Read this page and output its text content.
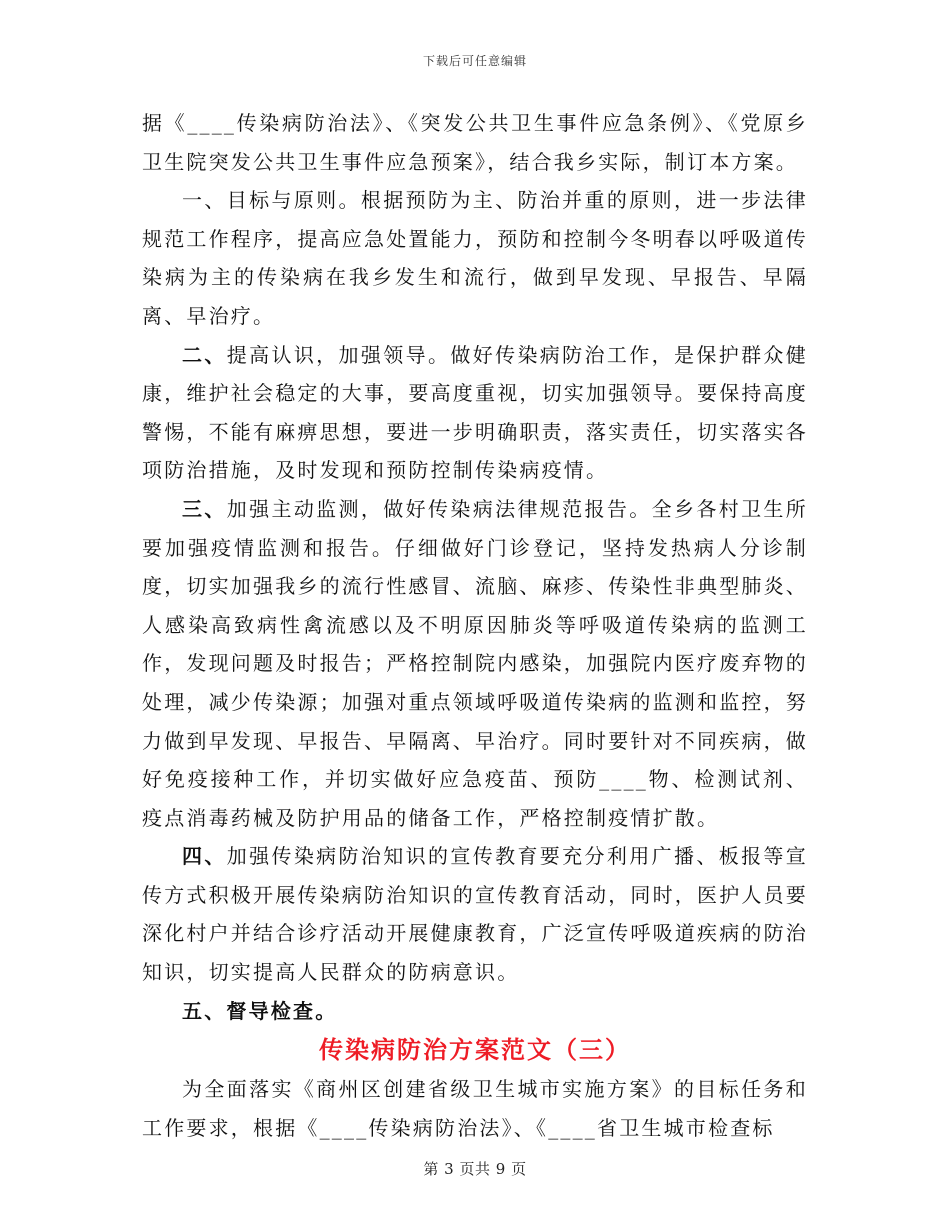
下载后可任意编辑

据《____传染病防治法》、《突发公共卫生事件应急条例》、《党原乡卫生院突发公共卫生事件应急预案》，结合我乡实际，制订本方案。

一、目标与原则。根据预防为主、防治并重的原则，进一步法律规范工作程序，提高应急处置能力，预防和控制今冬明春以呼吸道传染病为主的传染病在我乡发生和流行，做到早发现、早报告、早隔离、早治疗。

二、提高认识，加强领导。做好传染病防治工作，是保护群众健康，维护社会稳定的大事，要高度重视，切实加强领导。要保持高度警惕，不能有麻痹思想，要进一步明确职责，落实责任，切实落实各项防治措施，及时发现和预防控制传染病疫情。

三、加强主动监测，做好传染病法律规范报告。全乡各村卫生所要加强疫情监测和报告。仔细做好门诊登记，坚持发热病人分诊制度，切实加强我乡的流行性感冒、流脑、麻疹、传染性非典型肺炎、人感染高致病性禽流感以及不明原因肺炎等呼吸道传染病的监测工作，发现问题及时报告；严格控制院内感染，加强院内医疗废弃物的处理，减少传染源；加强对重点领域呼吸道传染病的监测和监控，努力做到早发现、早报告、早隔离、早治疗。同时要针对不同疾病，做好免疫接种工作，并切实做好应急疫苗、预防____物、检测试剂、疫点消毒药械及防护用品的储备工作，严格控制疫情扩散。

四、加强传染病防治知识的宣传教育要充分利用广播、板报等宣传方式积极开展传染病防治知识的宣传教育活动，同时，医护人员要深化村户并结合诊疗活动开展健康教育，广泛宣传呼吸道疾病的防治知识，切实提高人民群众的防病意识。

五、督导检查。

传染病防治方案范文（三）

为全面落实《商州区创建省级卫生城市实施方案》的目标任务和工作要求，根据《____传染病防治法》、《____省卫生城市检查标

第 3 页共 9 页
